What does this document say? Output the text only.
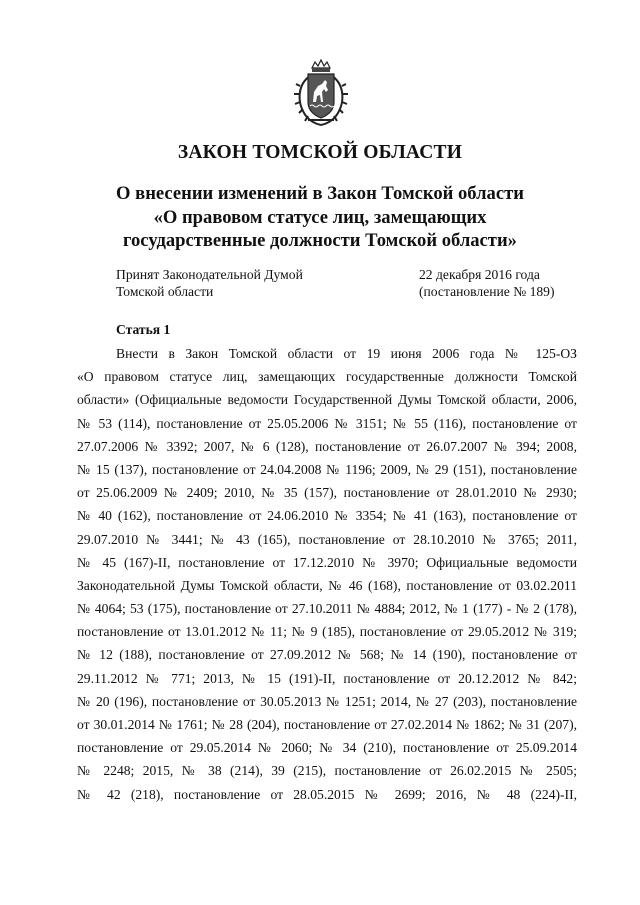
ЗАКОН ТОМСКОЙ ОБЛАСТИ
О внесении изменений в Закон Томской области
«О правовом статусе лиц, замещающих
государственные должности Томской области»
Принят Законодательной Думой
Томской области
22 декабря 2016 года
(постановление № 189)
Статья 1
Внести в Закон Томской области от 19 июня 2006 года № 125-ОЗ
«О правовом статусе лиц, замещающих государственные должности Томской
области» (Официальные ведомости Государственной Думы Томской области, 2006,
№ 53 (114), постановление от 25.05.2006 № 3151; № 55 (116), постановление от
27.07.2006 № 3392; 2007, № 6 (128), постановление от 26.07.2007 № 394; 2008,
№ 15 (137), постановление от 24.04.2008 № 1196; 2009, № 29 (151), постановление
от 25.06.2009 № 2409; 2010, № 35 (157), постановление от 28.01.2010 № 2930;
№ 40 (162), постановление от 24.06.2010 № 3354; № 41 (163), постановление от
29.07.2010 № 3441; № 43 (165), постановление от 28.10.2010 № 3765; 2011,
№ 45 (167)-II, постановление от 17.12.2010 № 3970; Официальные ведомости
Законодательной Думы Томской области, № 46 (168), постановление от 03.02.2011
№ 4064; 53 (175), постановление от 27.10.2011 № 4884; 2012, № 1 (177) - № 2 (178),
постановление от 13.01.2012 № 11; № 9 (185), постановление от 29.05.2012 № 319;
№ 12 (188), постановление от 27.09.2012 № 568; № 14 (190), постановление от
29.11.2012 № 771; 2013, № 15 (191)-II, постановление от 20.12.2012 № 842;
№ 20 (196), постановление от 30.05.2013 № 1251; 2014, № 27 (203), постановление
от 30.01.2014 № 1761; № 28 (204), постановление от 27.02.2014 № 1862; № 31 (207),
постановление от 29.05.2014 № 2060; № 34 (210), постановление от 25.09.2014
№ 2248; 2015, № 38 (214), 39 (215), постановление от 26.02.2015 № 2505;
№ 42 (218), постановление от 28.05.2015 № 2699; 2016, № 48 (224)-II,
